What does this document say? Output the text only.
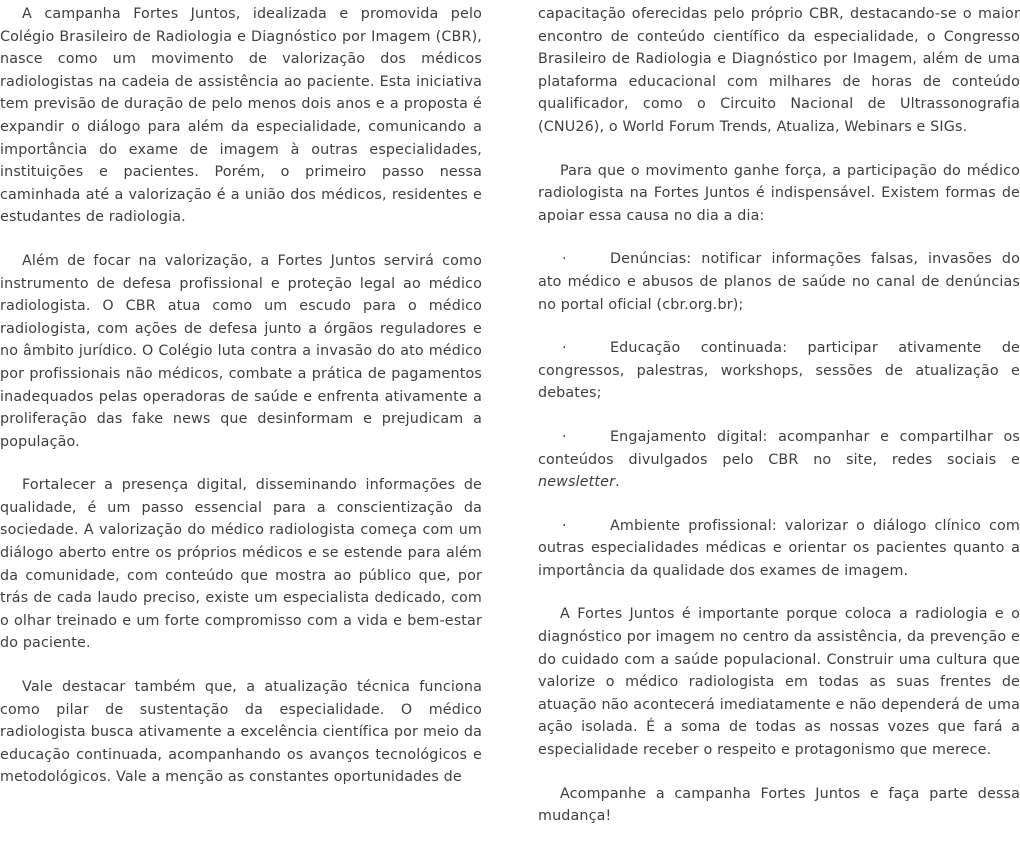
A campanha Fortes Juntos, idealizada e promovida pelo Colégio Brasileiro de Radiologia e Diagnóstico por Imagem (CBR), nasce como um movimento de valorização dos médicos radiologistas na cadeia de assistência ao paciente. Esta iniciativa tem previsão de duração de pelo menos dois anos e a proposta é expandir o diálogo para além da especialidade, comunicando a importância do exame de imagem à outras especialidades, instituições e pacientes. Porém, o primeiro passo nessa caminhada até a valorização é a união dos médicos, residentes e estudantes de radiologia.

Além de focar na valorização, a Fortes Juntos servirá como instrumento de defesa profissional e proteção legal ao médico radiologista. O CBR atua como um escudo para o médico radiologista, com ações de defesa junto a órgãos reguladores e no âmbito jurídico. O Colégio luta contra a invasão do ato médico por profissionais não médicos, combate a prática de pagamentos inadequados pelas operadoras de saúde e enfrenta ativamente a proliferação das fake news que desinformam e prejudicam a população.

Fortalecer a presença digital, disseminando informações de qualidade, é um passo essencial para a conscientização da sociedade. A valorização do médico radiologista começa com um diálogo aberto entre os próprios médicos e se estende para além da comunidade, com conteúdo que mostra ao público que, por trás de cada laudo preciso, existe um especialista dedicado, com o olhar treinado e um forte compromisso com a vida e bem-estar do paciente.

Vale destacar também que, a atualização técnica funciona como pilar de sustentação da especialidade. O médico radiologista busca ativamente a excelência científica por meio da educação continuada, acompanhando os avanços tecnológicos e metodológicos. Vale a menção as constantes oportunidades de

capacitação oferecidas pelo próprio CBR, destacando-se o maior encontro de conteúdo científico da especialidade, o Congresso Brasileiro de Radiologia e Diagnóstico por Imagem, além de uma plataforma educacional com milhares de horas de conteúdo qualificador, como o Circuito Nacional de Ultrassonografia (CNU26), o World Forum Trends, Atualiza, Webinars e SIGs.

Para que o movimento ganhe força, a participação do médico radiologista na Fortes Juntos é indispensável. Existem formas de apoiar essa causa no dia a dia:

·	Denúncias: notificar informações falsas, invasões do ato médico e abusos de planos de saúde no canal de denúncias no portal oficial (cbr.org.br);

·	Educação continuada: participar ativamente de congressos, palestras, workshops, sessões de atualização e debates;

·	Engajamento digital: acompanhar e compartilhar os conteúdos divulgados pelo CBR no site, redes sociais e newsletter.

·	Ambiente profissional: valorizar o diálogo clínico com outras especialidades médicas e orientar os pacientes quanto a importância da qualidade dos exames de imagem.

A Fortes Juntos é importante porque coloca a radiologia e o diagnóstico por imagem no centro da assistência, da prevenção e do cuidado com a saúde populacional. Construir uma cultura que valorize o médico radiologista em todas as suas frentes de atuação não acontecerá imediatamente e não dependerá de uma ação isolada. É a soma de todas as nossas vozes que fará a especialidade receber o respeito e protagonismo que merece.

Acompanhe a campanha Fortes Juntos e faça parte dessa mudança!
